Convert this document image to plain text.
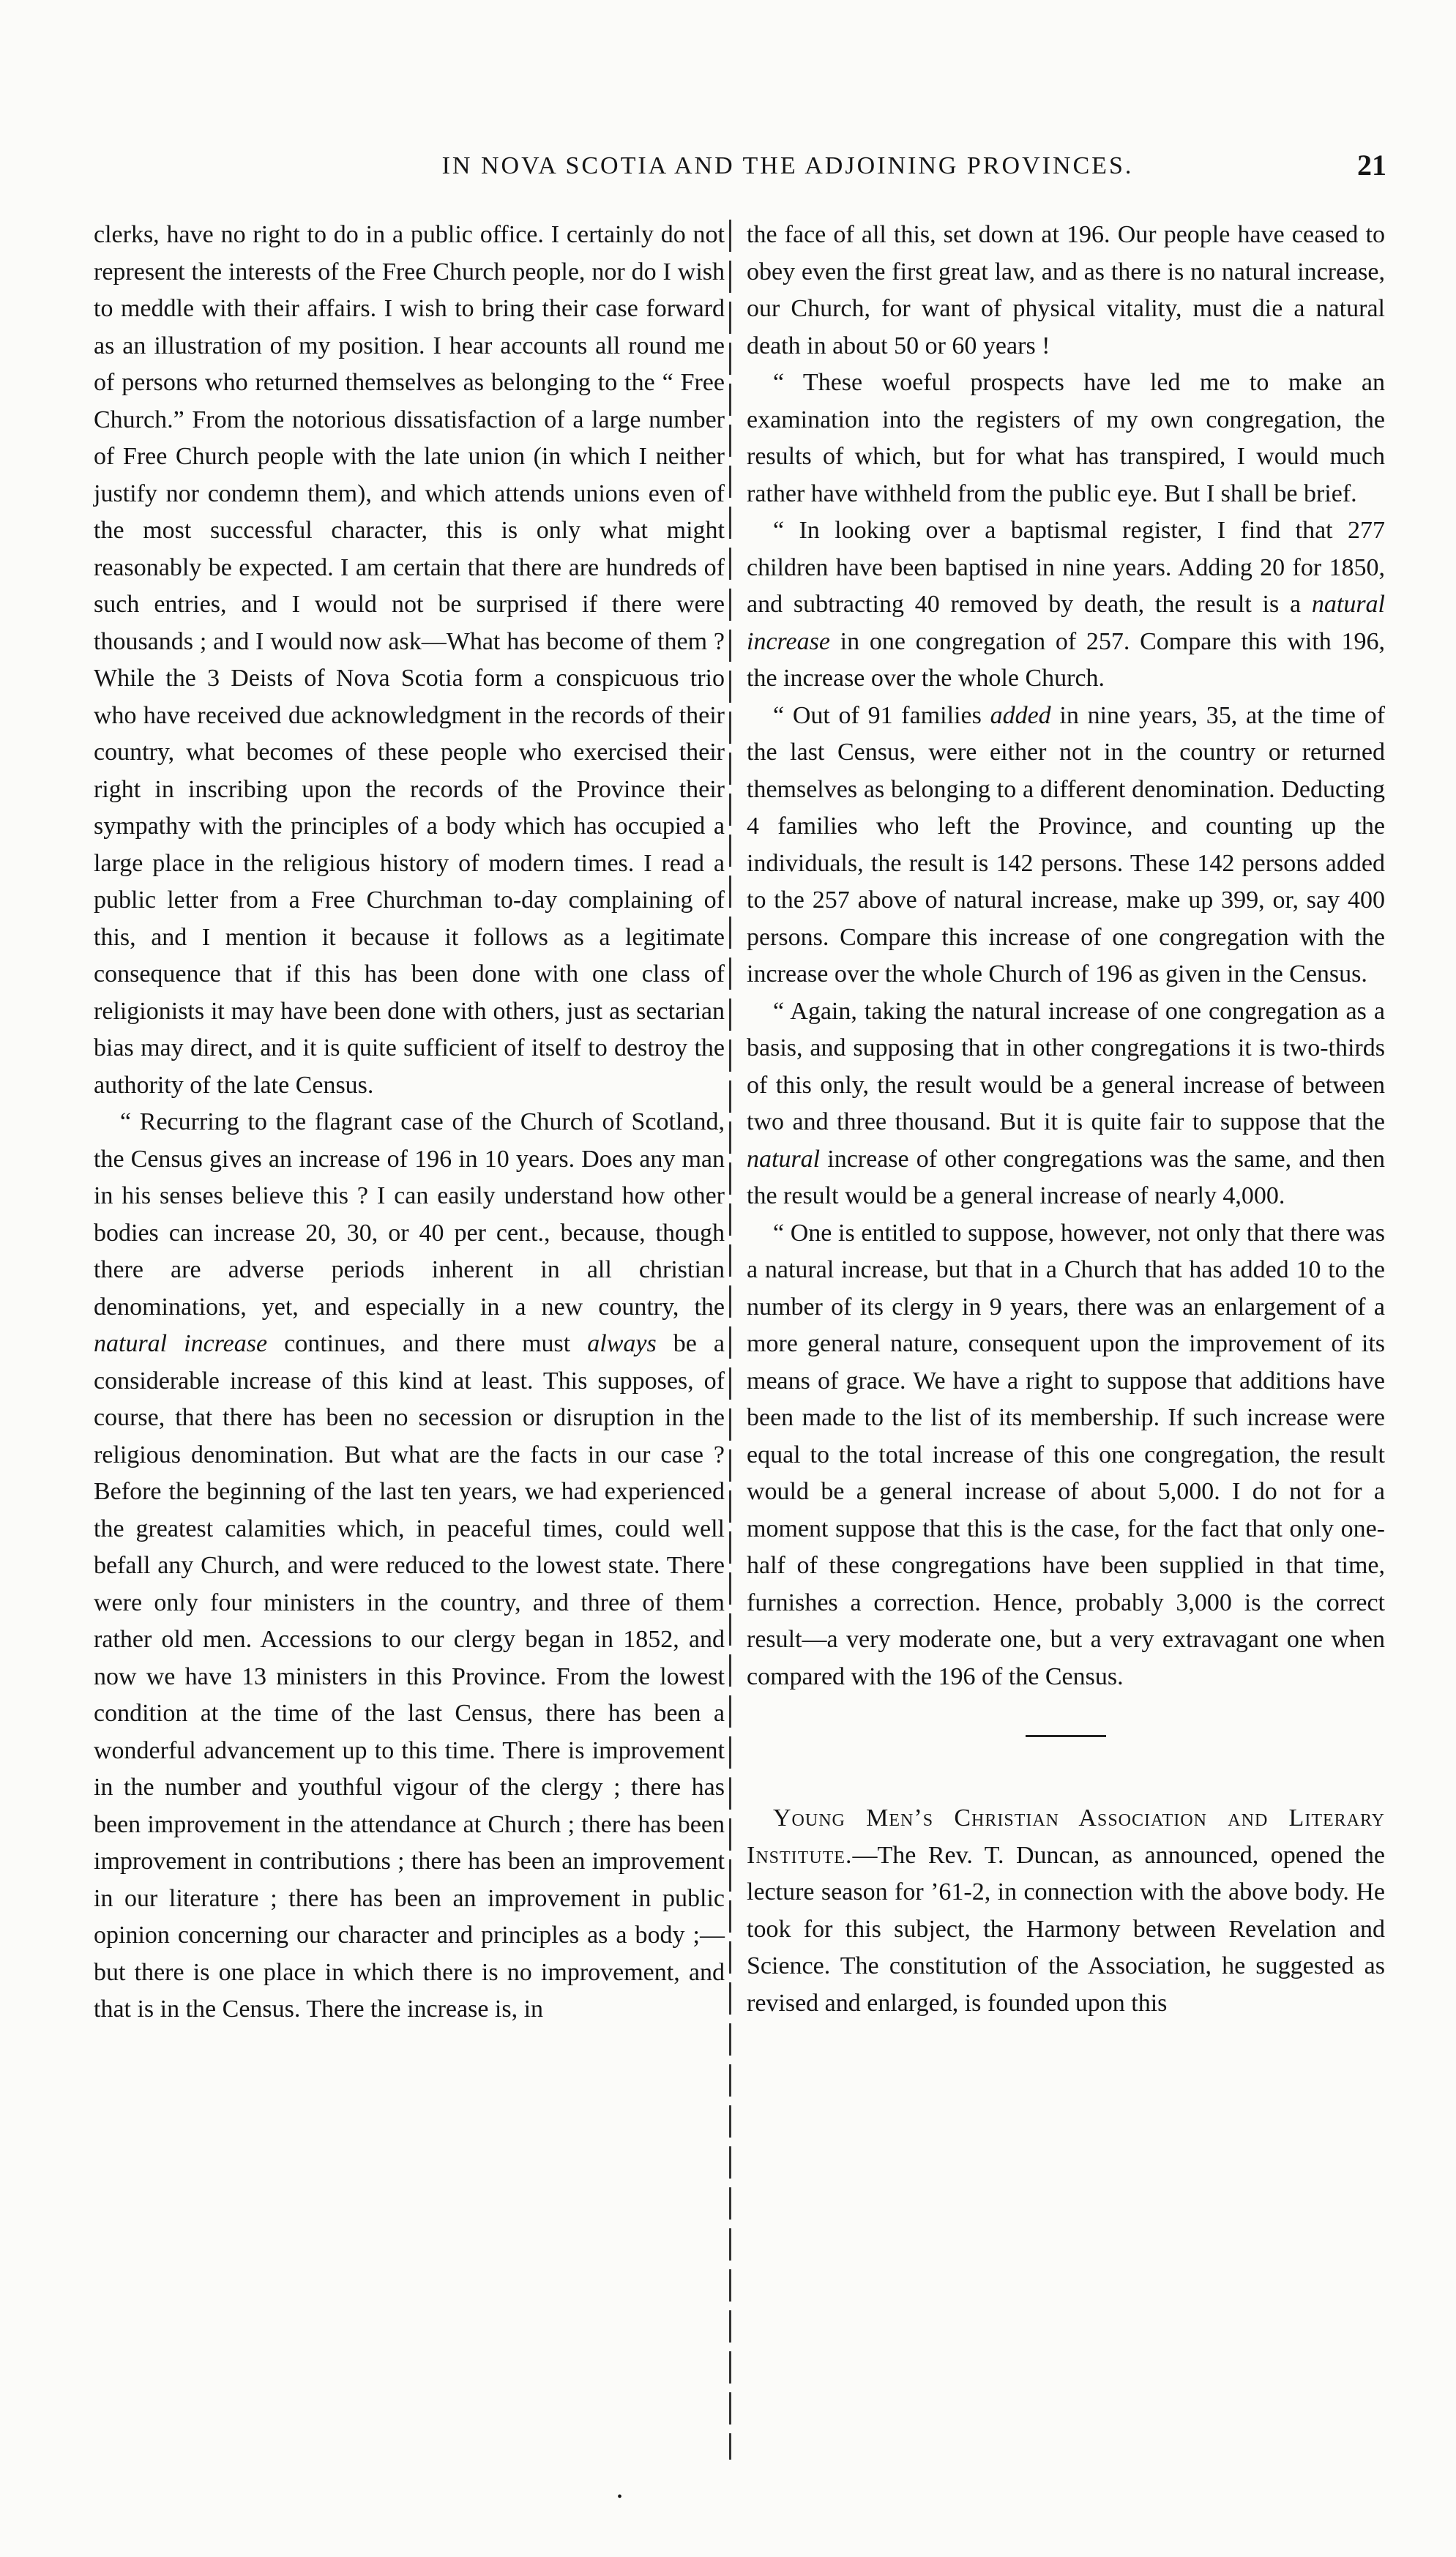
IN NOVA SCOTIA AND THE ADJOINING PROVINCES.	21

clerks, have no right to do in a public office. I certainly do not represent the interests of the Free Church people, nor do I wish to meddle with their affairs. I wish to bring their case forward as an illustration of my position. I hear accounts all round me of persons who returned themselves as belonging to the “ Free Church.” From the notorious dissatisfaction of a large number of Free Church people with the late union (in which I neither justify nor condemn them), and which attends unions even of the most successful character, this is only what might reasonably be expected. I am certain that there are hundreds of such entries, and I would not be surprised if there were thousands ; and I would now ask—What has become of them ? While the 3 Deists of Nova Scotia form a conspicuous trio who have received due acknowledgment in the records of their country, what becomes of these people who exercised their right in inscribing upon the records of the Province their sympathy with the principles of a body which has occupied a large place in the religious history of modern times. I read a public letter from a Free Churchman to-day complaining of this, and I mention it because it follows as a legitimate consequence that if this has been done with one class of religionists it may have been done with others, just as sectarian bias may direct, and it is quite sufficient of itself to destroy the authority of the late Census.

“ Recurring to the flagrant case of the Church of Scotland, the Census gives an increase of 196 in 10 years. Does any man in his senses believe this ? I can easily understand how other bodies can increase 20, 30, or 40 per cent., because, though there are adverse periods inherent in all christian denominations, yet, and especially in a new country, the natural increase continues, and there must always be a considerable increase of this kind at least. This supposes, of course, that there has been no secession or disruption in the religious denomination. But what are the facts in our case ? Before the beginning of the last ten years, we had experienced the greatest calamities which, in peaceful times, could well befall any Church, and were reduced to the lowest state. There were only four ministers in the country, and three of them rather old men. Accessions to our clergy began in 1852, and now we have 13 ministers in this Province. From the lowest condition at the time of the last Census, there has been a wonderful advancement up to this time. There is improvement in the number and youthful vigour of the clergy ; there has been improvement in the attendance at Church ; there has been improvement in contributions ; there has been an improvement in our literature ; there has been an improvement in public opinion concerning our character and principles as a body ;—but there is one place in which there is no improvement, and that is in the Census. There the increase is, in

the face of all this, set down at 196. Our people have ceased to obey even the first great law, and as there is no natural increase, our Church, for want of physical vitality, must die a natural death in about 50 or 60 years !

“ These woeful prospects have led me to make an examination into the registers of my own congregation, the results of which, but for what has transpired, I would much rather have withheld from the public eye. But I shall be brief.

“ In looking over a baptismal register, I find that 277 children have been baptised in nine years. Adding 20 for 1850, and subtracting 40 removed by death, the result is a natural increase in one congregation of 257. Compare this with 196, the increase over the whole Church.

“ Out of 91 families added in nine years, 35, at the time of the last Census, were either not in the country or returned themselves as belonging to a different denomination. Deducting 4 families who left the Province, and counting up the individuals, the result is 142 persons. These 142 persons added to the 257 above of natural increase, make up 399, or, say 400 persons. Compare this increase of one congregation with the increase over the whole Church of 196 as given in the Census.

“ Again, taking the natural increase of one congregation as a basis, and supposing that in other congregations it is two-thirds of this only, the result would be a general increase of between two and three thousand. But it is quite fair to suppose that the natural increase of other congregations was the same, and then the result would be a general increase of nearly 4,000.

“ One is entitled to suppose, however, not only that there was a natural increase, but that in a Church that has added 10 to the number of its clergy in 9 years, there was an enlargement of a more general nature, consequent upon the improvement of its means of grace. We have a right to suppose that additions have been made to the list of its membership. If such increase were equal to the total increase of this one congregation, the result would be a general increase of about 5,000. I do not for a moment suppose that this is the case, for the fact that only one-half of these congregations have been supplied in that time, furnishes a correction. Hence, probably 3,000 is the correct result—a very moderate one, but a very extravagant one when compared with the 196 of the Census.

Young Men’s Christian Association and Literary Institute.—The Rev. T. Duncan, as announced, opened the lecture season for ’61-2, in connection with the above body. He took for this subject, the Harmony between Revelation and Science. The constitution of the Association, he suggested as revised and enlarged, is founded upon this

•
